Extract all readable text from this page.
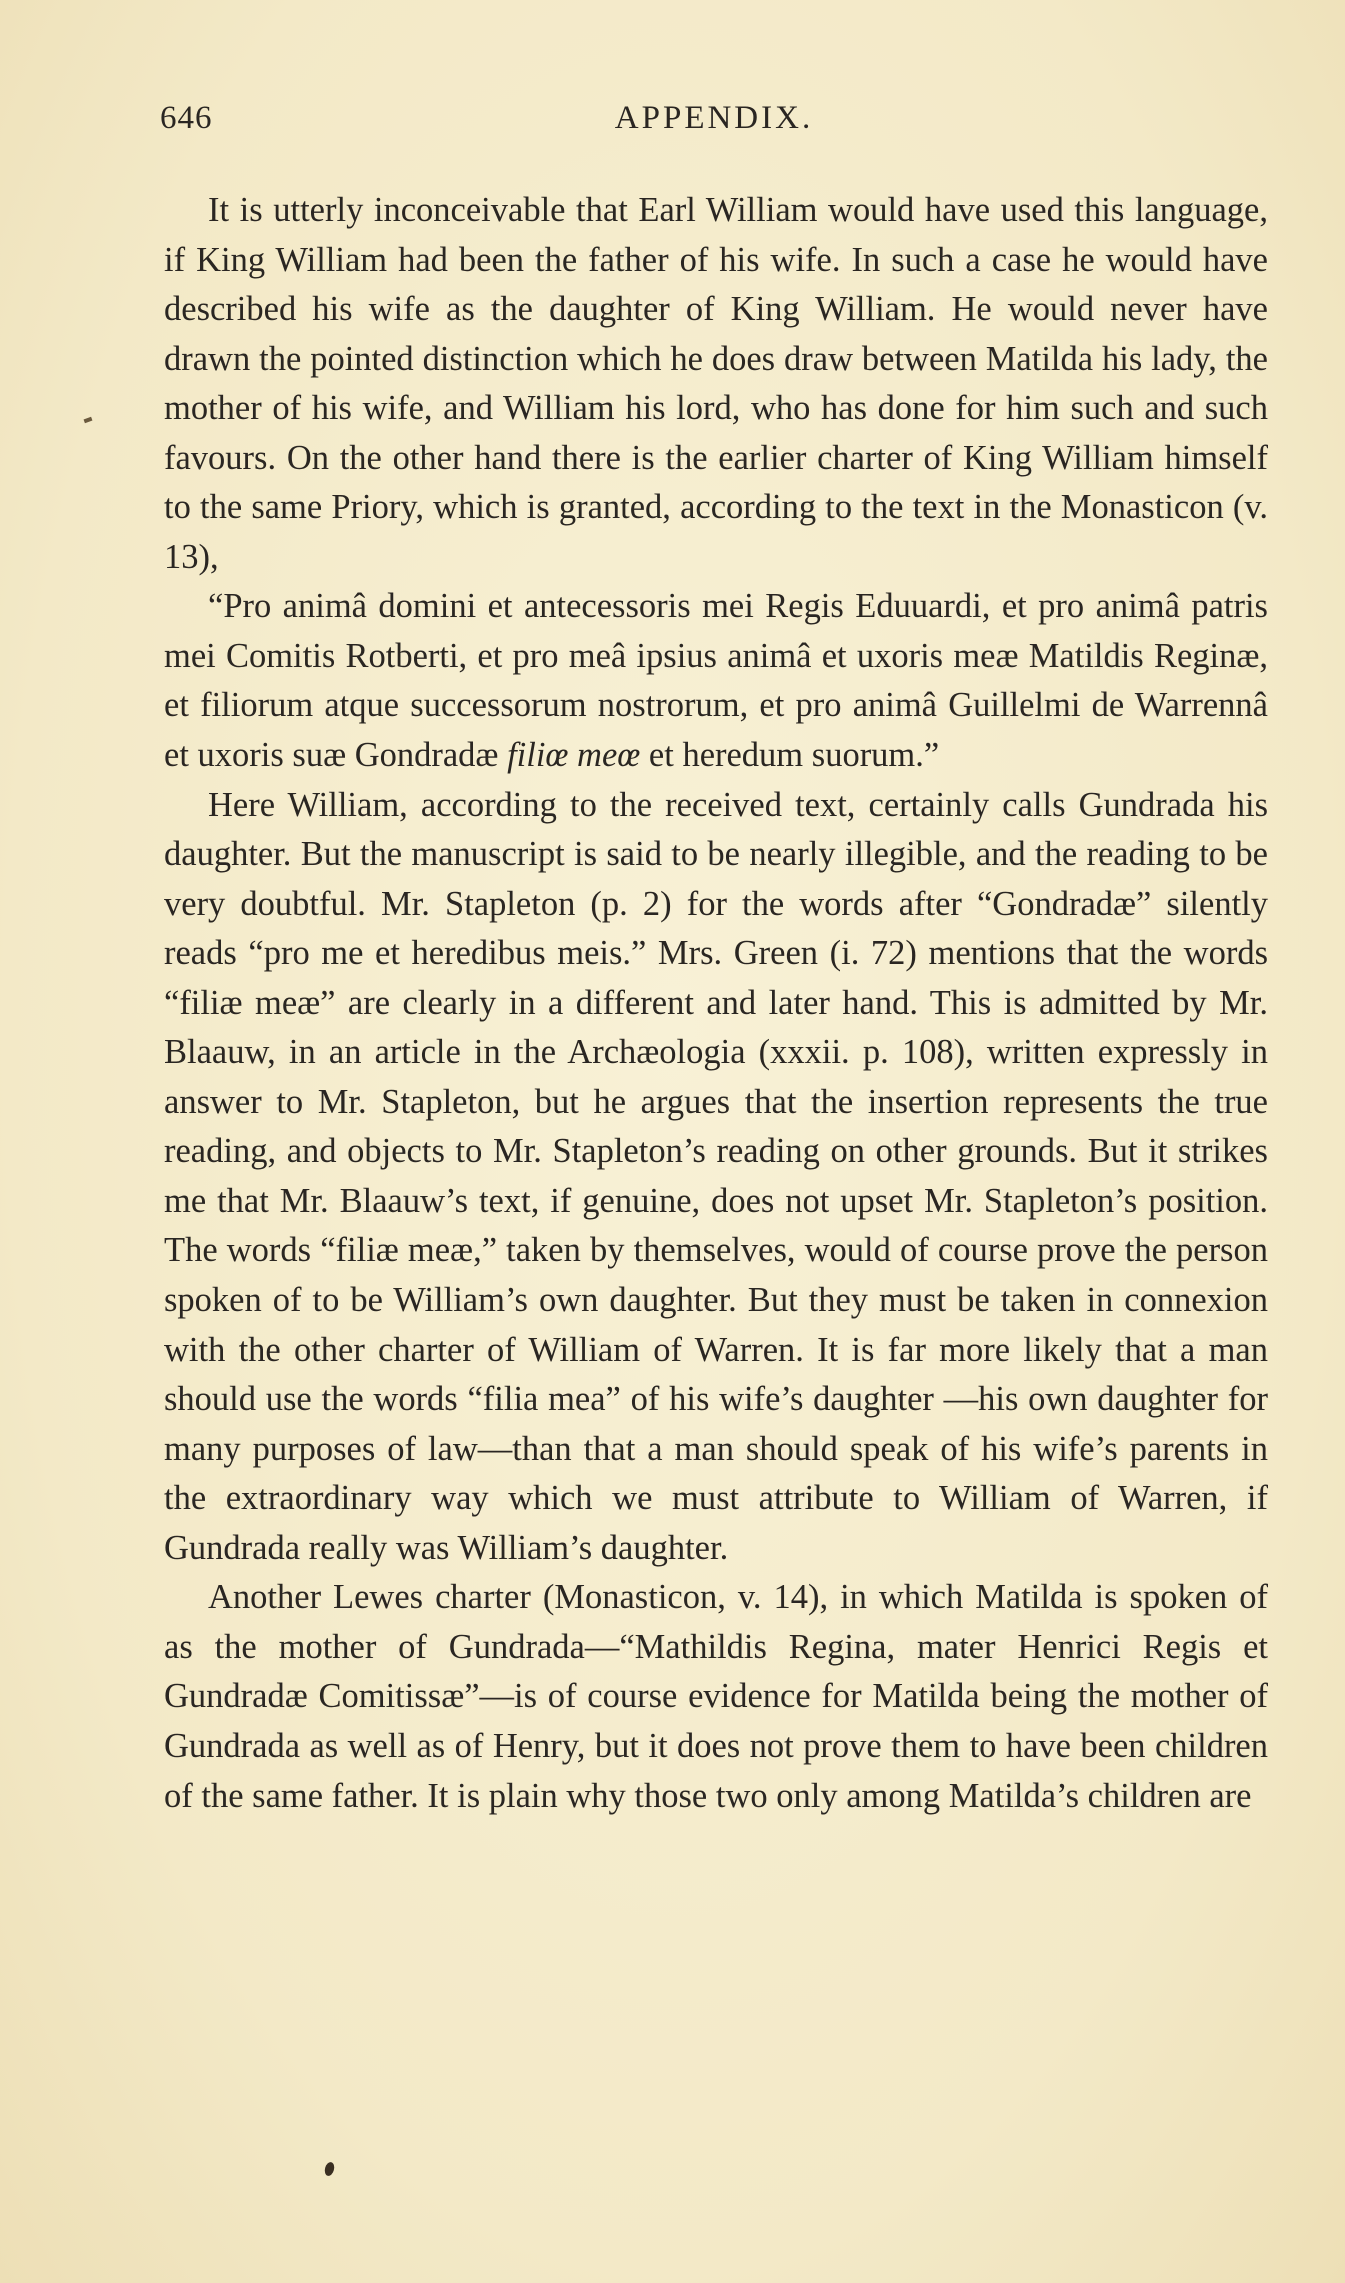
646	APPENDIX.

It is utterly inconceivable that Earl William would have used this language, if King William had been the father of his wife. In such a case he would have described his wife as the daughter of King William. He would never have drawn the pointed distinction which he does draw between Matilda his lady, the mother of his wife, and William his lord, who has done for him such and such favours. On the other hand there is the earlier charter of King William himself to the same Priory, which is granted, according to the text in the Monasticon (v. 13),

“Pro animâ domini et antecessoris mei Regis Eduuardi, et pro animâ patris mei Comitis Rotberti, et pro meâ ipsius animâ et uxoris meæ Matildis Reginæ, et filiorum atque successorum nostrorum, et pro animâ Guillelmi de Warrennâ et uxoris suæ Gondradæ filiœ meœ et heredum suorum.”

Here William, according to the received text, certainly calls Gundrada his daughter. But the manuscript is said to be nearly illegible, and the reading to be very doubtful. Mr. Stapleton (p. 2) for the words after “Gondradæ” silently reads “pro me et heredibus meis.” Mrs. Green (i. 72) mentions that the words “filiæ meæ” are clearly in a different and later hand. This is admitted by Mr. Blaauw, in an article in the Archæologia (xxxii. p. 108), written expressly in answer to Mr. Stapleton, but he argues that the insertion represents the true reading, and objects to Mr. Stapleton’s reading on other grounds. But it strikes me that Mr. Blaauw’s text, if genuine, does not upset Mr. Stapleton’s position. The words “filiæ meæ,” taken by themselves, would of course prove the person spoken of to be William’s own daughter. But they must be taken in connexion with the other charter of William of Warren. It is far more likely that a man should use the words “filia mea” of his wife’s daughter —his own daughter for many purposes of law—than that a man should speak of his wife’s parents in the extraordinary way which we must attribute to William of Warren, if Gundrada really was William’s daughter.

Another Lewes charter (Monasticon, v. 14), in which Matilda is spoken of as the mother of Gundrada—“Mathildis Regina, mater Henrici Regis et Gundradæ Comitissæ”—is of course evidence for Matilda being the mother of Gundrada as well as of Henry, but it does not prove them to have been children of the same father. It is plain why those two only among Matilda’s children are
